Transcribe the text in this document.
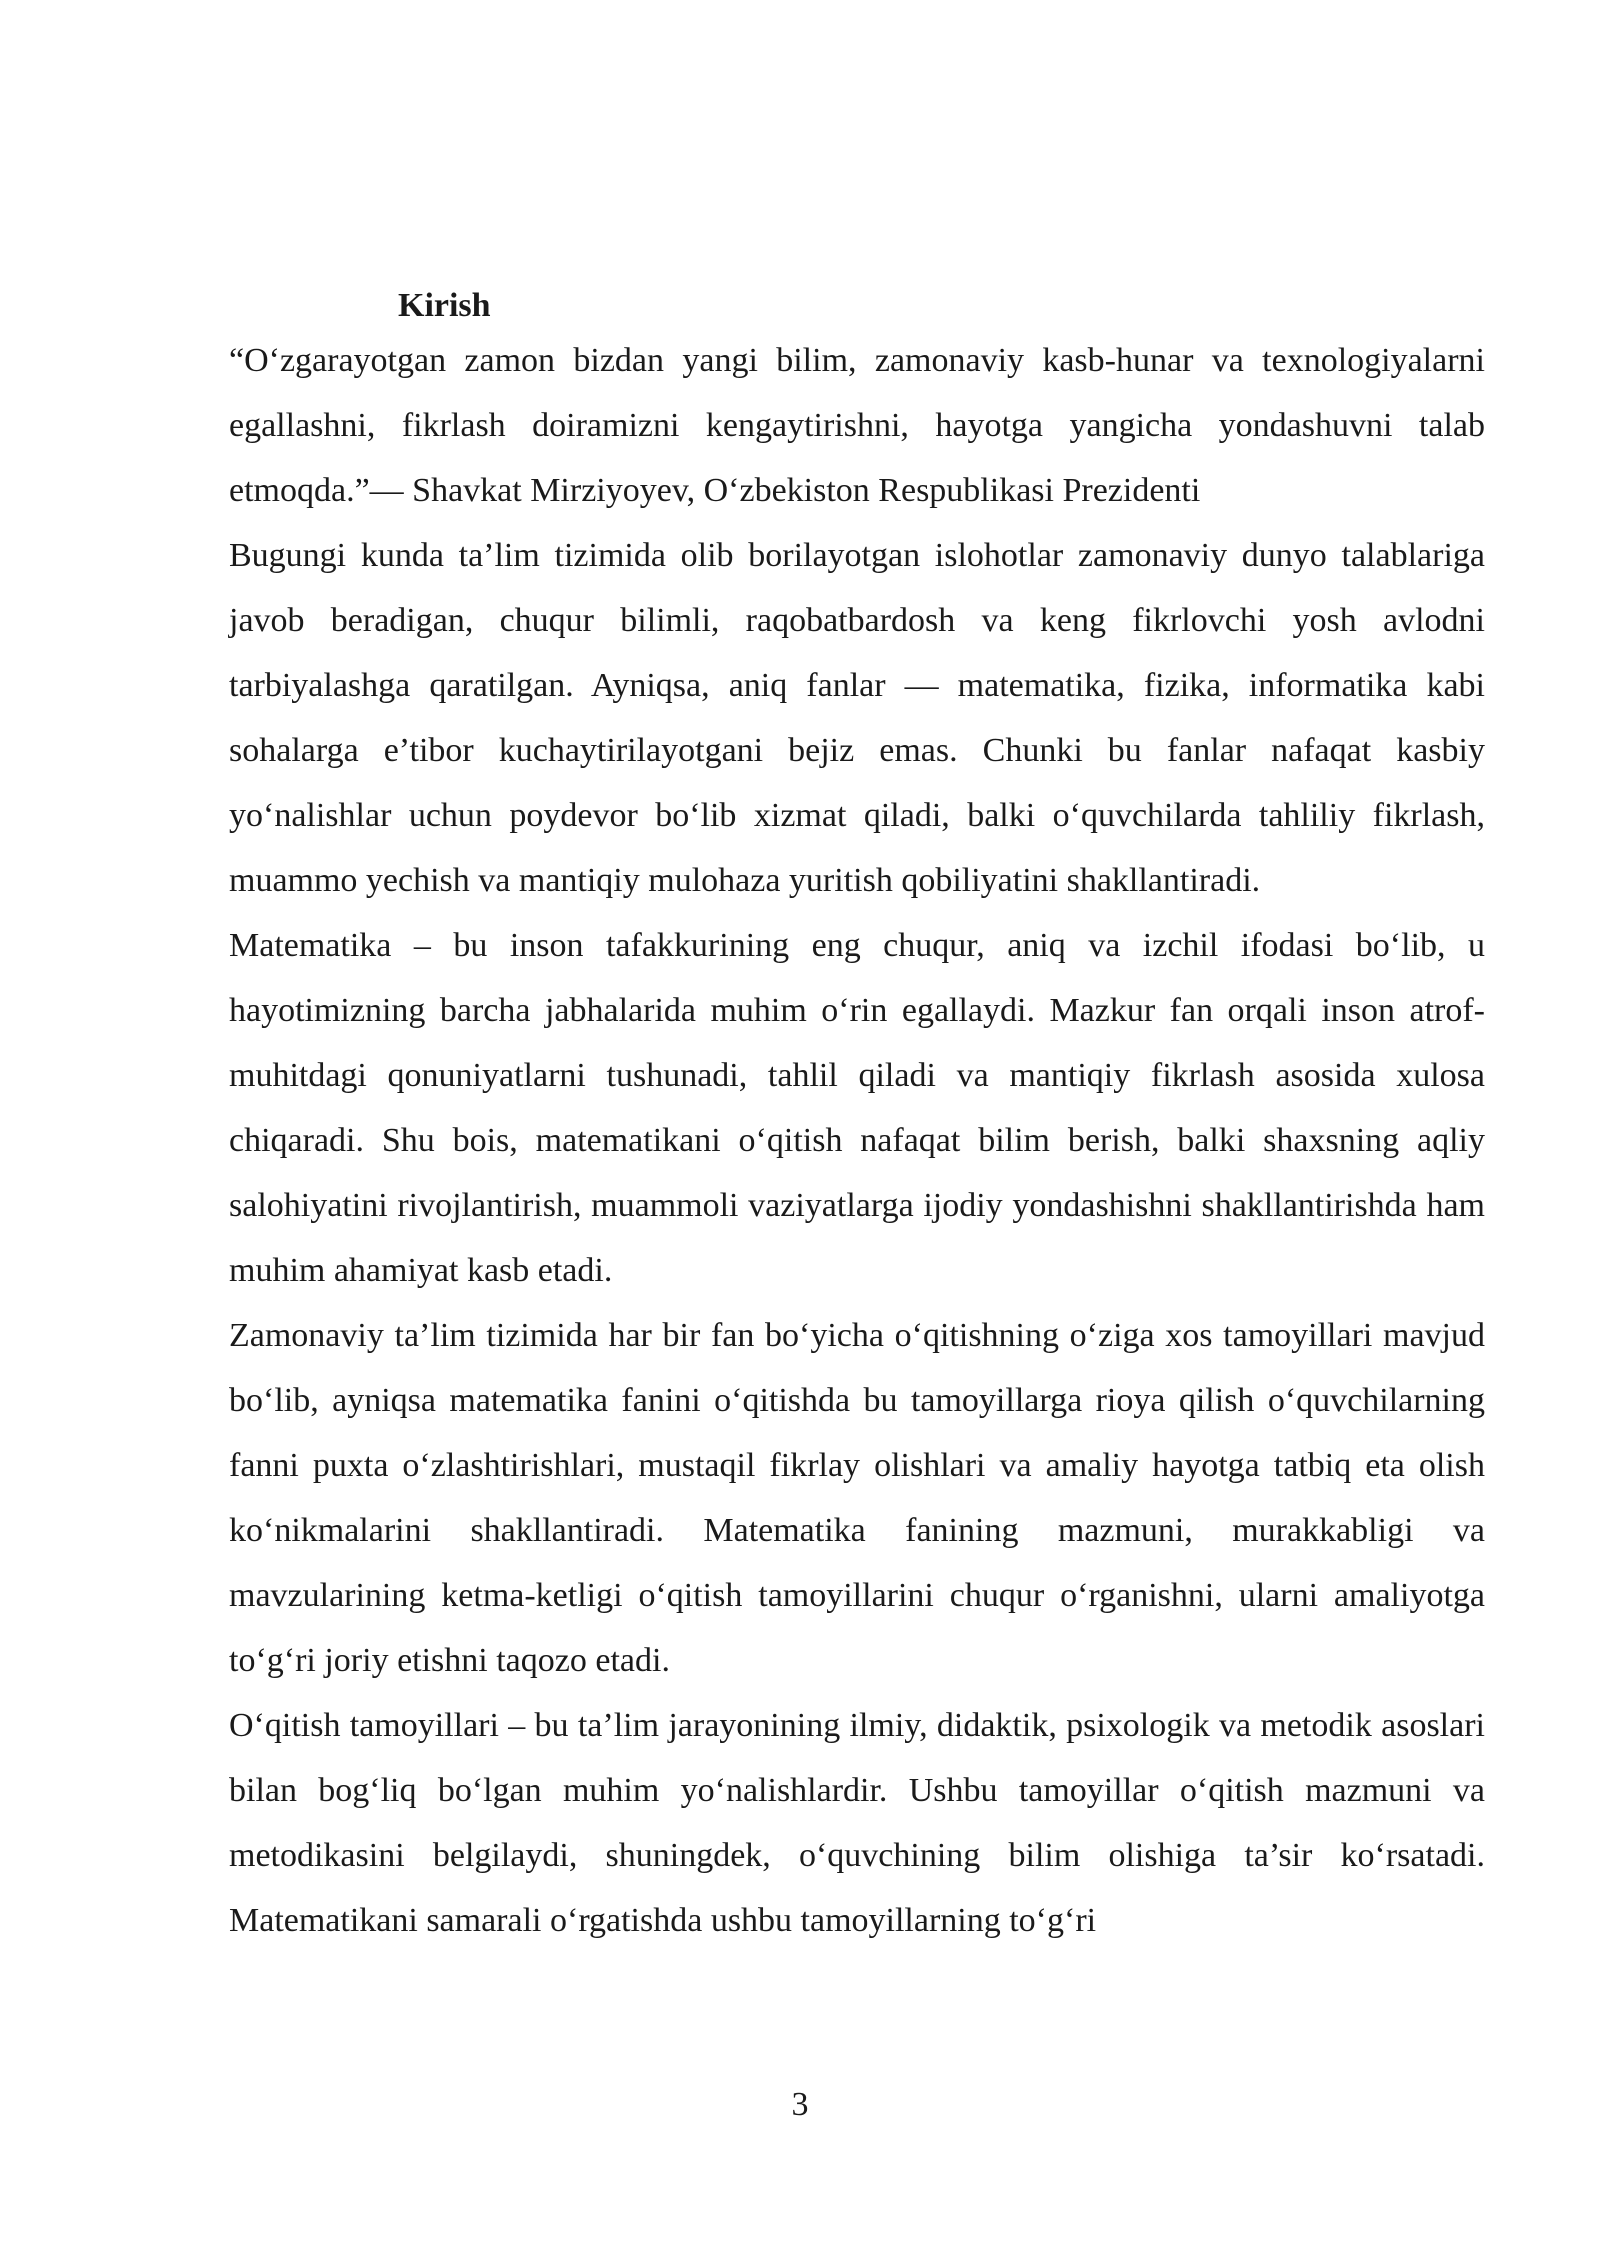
Kirish

“O‘zgarayotgan zamon bizdan yangi bilim, zamonaviy kasb-hunar va texnologiyalarni egallashni, fikrlash doiramizni kengaytirishni, hayotga yangicha yondashuvni talab etmoqda.”— Shavkat Mirziyoyev, O‘zbekiston Respublikasi Prezidenti

Bugungi kunda ta’lim tizimida olib borilayotgan islohotlar zamonaviy dunyo talablariga javob beradigan, chuqur bilimli, raqobatbardosh va keng fikrlovchi yosh avlodni tarbiyalashga qaratilgan. Ayniqsa, aniq fanlar — matematika, fizika, informatika kabi sohalarga e’tibor kuchaytirilayotgani bejiz emas. Chunki bu fanlar nafaqat kasbiy yo‘nalishlar uchun poydevor bo‘lib xizmat qiladi, balki o‘quvchilarda tahliliy fikrlash, muammo yechish va mantiqiy mulohaza yuritish qobiliyatini shakllantiradi.

Matematika – bu inson tafakkurining eng chuqur, aniq va izchil ifodasi bo‘lib, u hayotimizning barcha jabhalarida muhim o‘rin egallaydi. Mazkur fan orqali inson atrof-muhitdagi qonuniyatlarni tushunadi, tahlil qiladi va mantiqiy fikrlash asosida xulosa chiqaradi. Shu bois, matematikani o‘qitish nafaqat bilim berish, balki shaxsning aqliy salohiyatini rivojlantirish, muammoli vaziyatlarga ijodiy yondashishni shakllantirishda ham muhim ahamiyat kasb etadi.

Zamonaviy ta’lim tizimida har bir fan bo‘yicha o‘qitishning o‘ziga xos tamoyillari mavjud bo‘lib, ayniqsa matematika fanini o‘qitishda bu tamoyillarga rioya qilish o‘quvchilarning fanni puxta o‘zlashtirishlari, mustaqil fikrlay olishlari va amaliy hayotga tatbiq eta olish ko‘nikmalarini shakllantiradi. Matematika fanining mazmuni, murakkabligi va mavzularining ketma-ketligi o‘qitish tamoyillarini chuqur o‘rganishni, ularni amaliyotga to‘g‘ri joriy etishni taqozo etadi.

O‘qitish tamoyillari – bu ta’lim jarayonining ilmiy, didaktik, psixologik va metodik asoslari bilan bog‘liq bo‘lgan muhim yo‘nalishlardir. Ushbu tamoyillar o‘qitish mazmuni va metodikasini belgilaydi, shuningdek, o‘quvchining bilim olishiga ta’sir ko‘rsatadi. Matematikani samarali o‘rgatishda ushbu tamoyillarning to‘g‘ri

3
